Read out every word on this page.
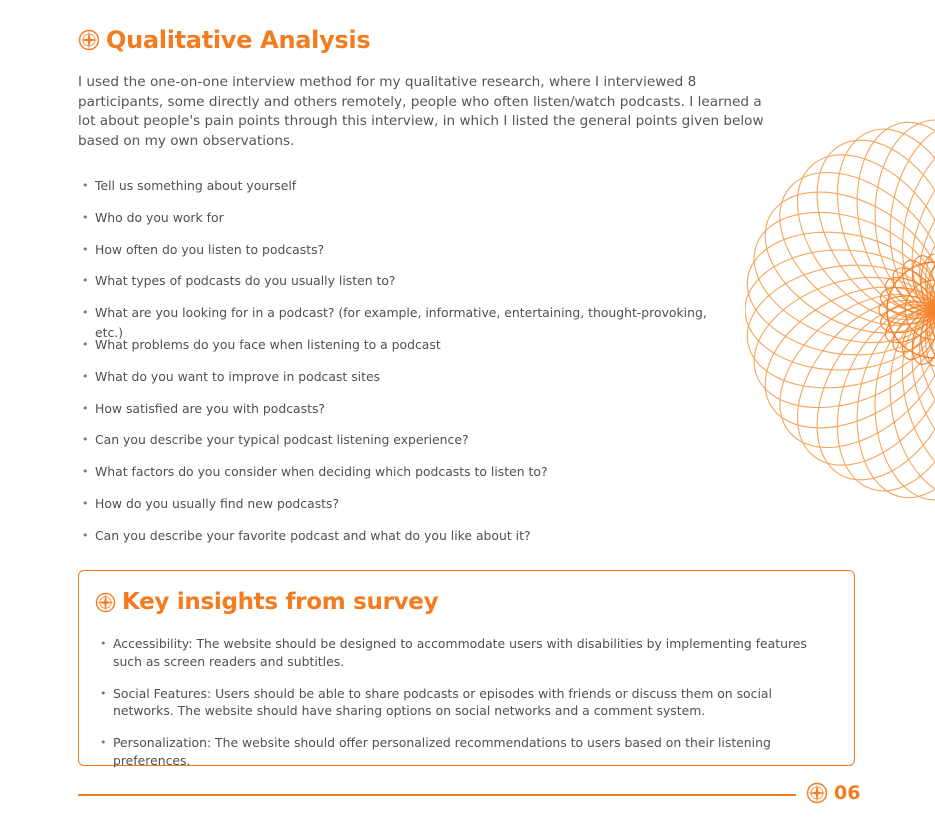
Qualitative Analysis
I used the one-on-one interview method for my qualitative research, where I interviewed 8 participants, some directly and others remotely, people who often listen/watch podcasts. I learned a lot about people's pain points through this interview, in which I listed the general points given below based on my own observations.
• Tell us something about yourself
• Who do you work for
• How often do you listen to podcasts?
• What types of podcasts do you usually listen to?
• What are you looking for in a podcast? (for example, informative, entertaining, thought-provoking, etc.)
• What problems do you face when listening to a podcast
• What do you want to improve in podcast sites
• How satisfied are you with podcasts?
• Can you describe your typical podcast listening experience?
• What factors do you consider when deciding which podcasts to listen to?
• How do you usually find new podcasts?
• Can you describe your favorite podcast and what do you like about it?
Key insights from survey
• Accessibility: The website should be designed to accommodate users with disabilities by implementing features such as screen readers and subtitles.
• Social Features: Users should be able to share podcasts or episodes with friends or discuss them on social networks. The website should have sharing options on social networks and a comment system.
• Personalization: The website should offer personalized recommendations to users based on their listening preferences.
06
